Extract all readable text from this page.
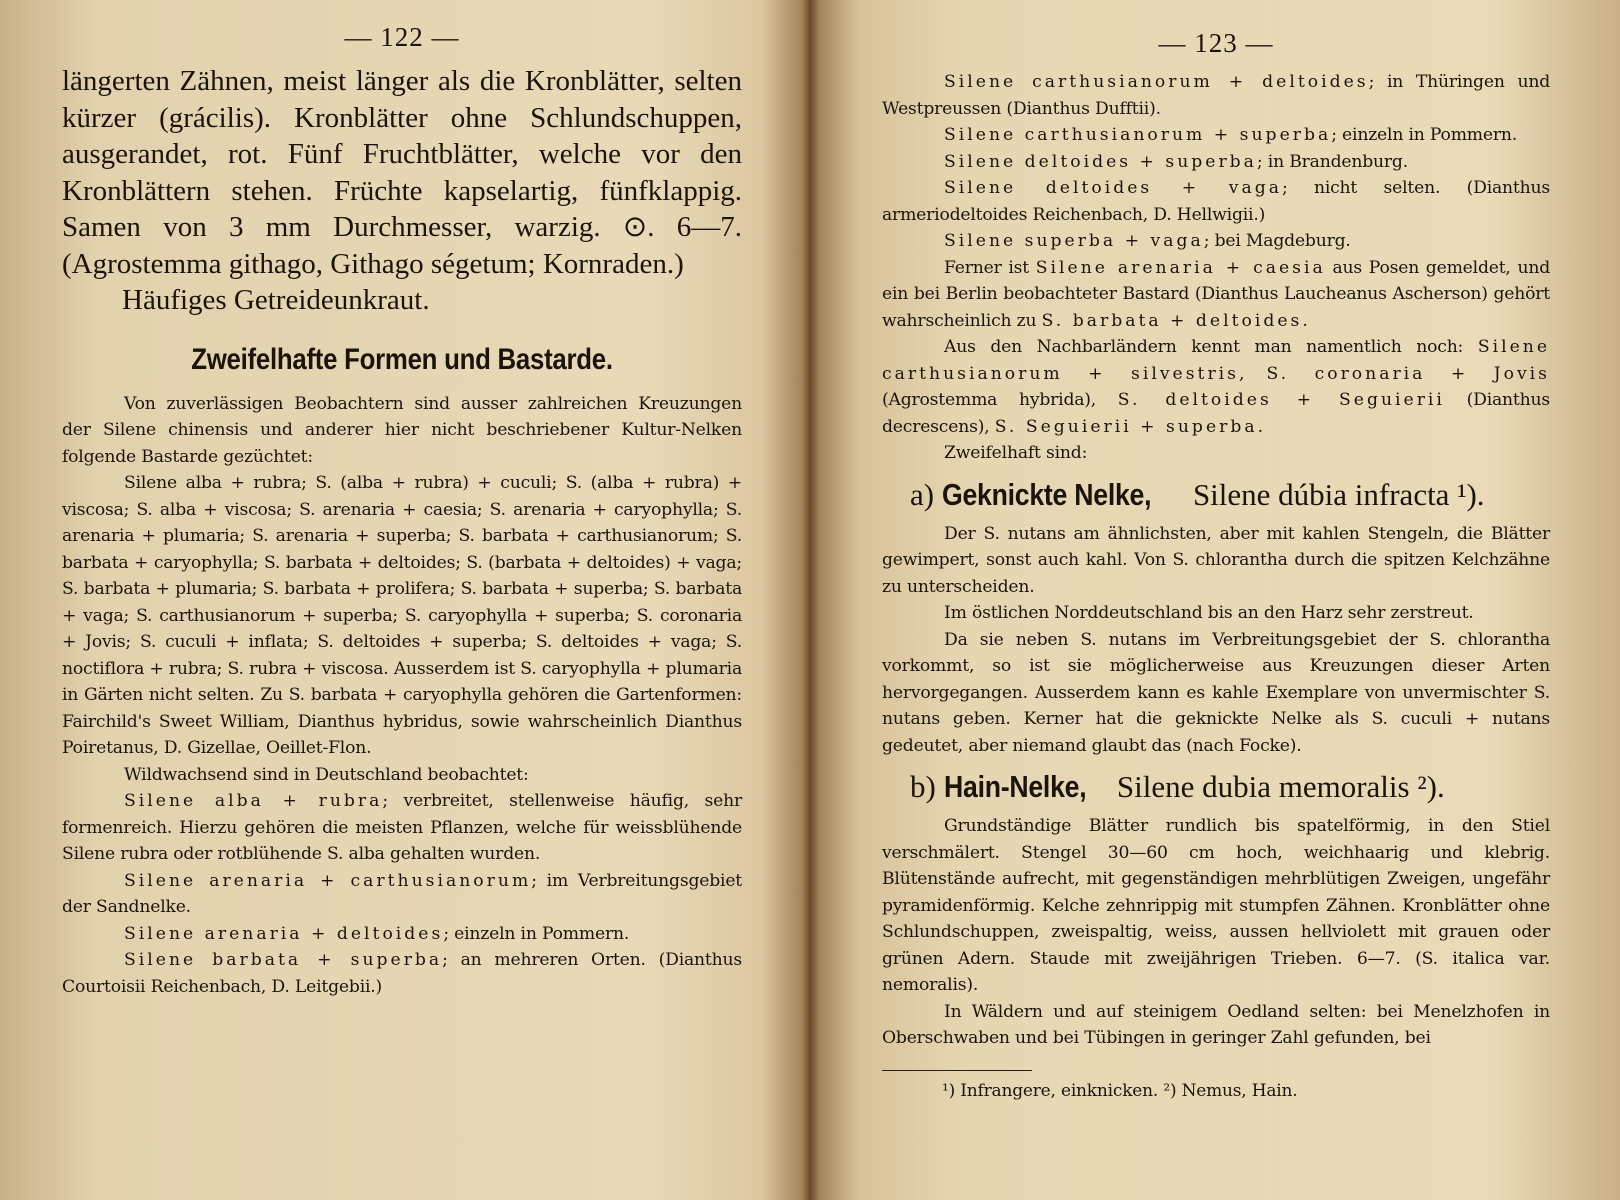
— 122 —

längerten Zähnen, meist länger als die Kronblätter, selten kürzer (grácilis). Kronblätter ohne Schlundschuppen, ausgerandet, rot. Fünf Fruchtblätter, welche vor den Kronblättern stehen. Früchte kapselartig, fünfklappig. Samen von 3 mm Durchmesser, warzig. ⊙. 6—7. (Agrostemma githago, Githago ségetum; Kornraden.)

Häufiges Getreideunkraut.

Zweifelhafte Formen und Bastarde.

Von zuverlässigen Beobachtern sind ausser zahlreichen Kreuzungen der Silene chinensis und anderer hier nicht beschriebener Kultur-Nelken folgende Bastarde gezüchtet:

Silene alba + rubra; S. (alba + rubra) + cuculi; S. (alba + rubra) + viscosa; S. alba + viscosa; S. arenaria + caesia; S. arenaria + caryophylla; S. arenaria + plumaria; S. arenaria + superba; S. barbata + carthusianorum; S. barbata + caryophylla; S. barbata + deltoides; S. (barbata + deltoides) + vaga; S. barbata + plumaria; S. barbata + prolifera; S. barbata + superba; S. barbata + vaga; S. carthusianorum + superba; S. caryophylla + superba; S. coronaria + Jovis; S. cuculi + inflata; S. deltoides + superba; S. deltoides + vaga; S. noctiflora + rubra; S. rubra + viscosa. Ausserdem ist S. caryophylla + plumaria in Gärten nicht selten. Zu S. barbata + caryophylla gehören die Gartenformen: Fairchild's Sweet William, Dianthus hybridus, sowie wahrscheinlich Dianthus Poiretanus, D. Gizellae, Oeillet-Flon.

Wildwachsend sind in Deutschland beobachtet:

Silene alba + rubra; verbreitet, stellenweise häufig, sehr formenreich. Hierzu gehören die meisten Pflanzen, welche für weissblühende Silene rubra oder rotblühende S. alba gehalten wurden.

Silene arenaria + carthusianorum; im Verbreitungsgebiet der Sandnelke.

Silene arenaria + deltoides; einzeln in Pommern.

Silene barbata + superba; an mehreren Orten. (Dianthus Courtoisii Reichenbach, D. Leitgebii.)

— 123 —

Silene carthusianorum + deltoides; in Thüringen und Westpreussen (Dianthus Dufftii).

Silene carthusianorum + superba; einzeln in Pommern.

Silene deltoides + superba; in Brandenburg.

Silene deltoides + vaga; nicht selten. (Dianthus armeriodeltoides Reichenbach, D. Hellwigii.)

Silene superba + vaga; bei Magdeburg.

Ferner ist Silene arenaria + caesia aus Posen gemeldet, und ein bei Berlin beobachteter Bastard (Dianthus Laucheanus Ascherson) gehört wahrscheinlich zu S. barbata + deltoides.

Aus den Nachbarländern kennt man namentlich noch: Silene carthusianorum + silvestris, S. coronaria + Jovis (Agrostemma hybrida), S. deltoides + Seguierii (Dianthus decrescens), S. Seguierii + superba.

Zweifelhaft sind:

a) Geknickte Nelke, Silene dúbia infracta ¹).

Der S. nutans am ähnlichsten, aber mit kahlen Stengeln, die Blätter gewimpert, sonst auch kahl. Von S. chlorantha durch die spitzen Kelchzähne zu unterscheiden.

Im östlichen Norddeutschland bis an den Harz sehr zerstreut.

Da sie neben S. nutans im Verbreitungsgebiet der S. chlorantha vorkommt, so ist sie möglicherweise aus Kreuzungen dieser Arten hervorgegangen. Ausserdem kann es kahle Exemplare von unvermischter S. nutans geben. Kerner hat die geknickte Nelke als S. cuculi + nutans gedeutet, aber niemand glaubt das (nach Focke).

b) Hain-Nelke, Silene dubia memoralis ²).

Grundständige Blätter rundlich bis spatelförmig, in den Stiel verschmälert. Stengel 30—60 cm hoch, weichhaarig und klebrig. Blütenstände aufrecht, mit gegenständigen mehrblütigen Zweigen, ungefähr pyramidenförmig. Kelche zehnrippig mit stumpfen Zähnen. Kronblätter ohne Schlundschuppen, zweispaltig, weiss, aussen hellviolett mit grauen oder grünen Adern. Staude mit zweijährigen Trieben. 6—7. (S. italica var. nemoralis).

In Wäldern und auf steinigem Oedland selten: bei Menelzhofen in Oberschwaben und bei Tübingen in geringer Zahl gefunden, bei

¹) Infrangere, einknicken. ²) Nemus, Hain.
